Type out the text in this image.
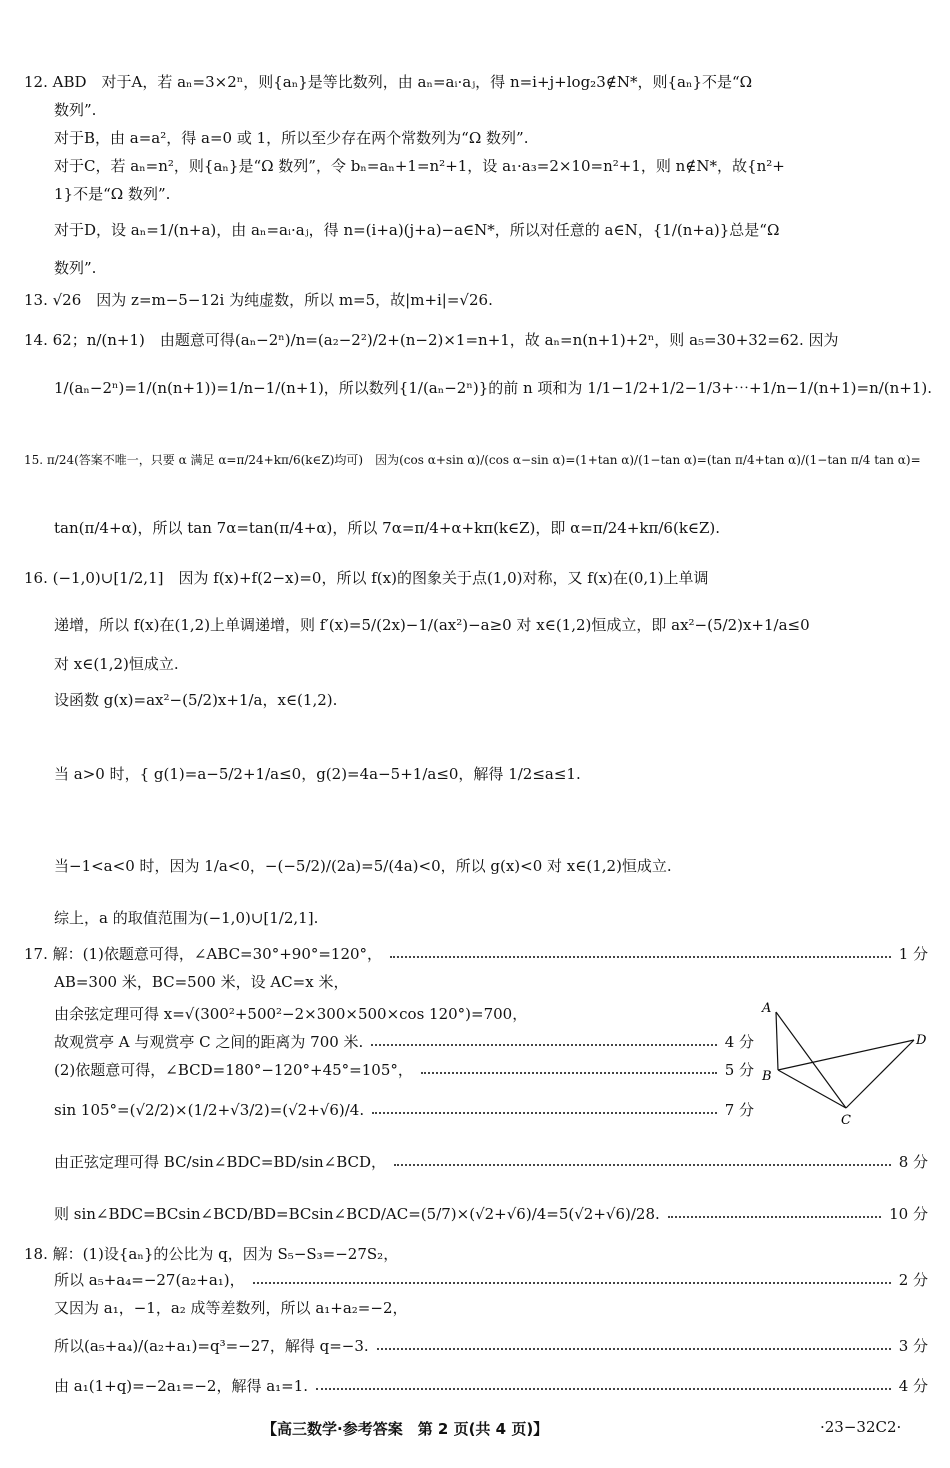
12. ABD　对于A，若 aₙ=3×2ⁿ，则{aₙ}是等比数列，由 aₙ=aᵢ·aⱼ，得 n=i+j+log₂3∉N*，则{aₙ}不是“Ω
数列”.
对于B，由 a=a²，得 a=0 或 1，所以至少存在两个常数列为“Ω 数列”.
对于C，若 aₙ=n²，则{aₙ}是“Ω 数列”，令 bₙ=aₙ+1=n²+1，设 a₁·a₃=2×10=n²+1，则 n∉N*，故{n²+
1}不是“Ω 数列”.
对于D，设 aₙ=1/(n+a)，由 aₙ=aᵢ·aⱼ，得 n=(i+a)(j+a)−a∈N*，所以对任意的 a∈N，{1/(n+a)}总是“Ω
数列”.
13. √26　因为 z=m−5−12i 为纯虚数，所以 m=5，故|m+i|=√26.
14. 62；n/(n+1)　由题意可得(aₙ−2ⁿ)/n=(a₂−2²)/2+(n−2)×1=n+1，故 aₙ=n(n+1)+2ⁿ，则 a₅=30+32=62. 因为
1/(aₙ−2ⁿ)=1/(n(n+1))=1/n−1/(n+1)，所以数列{1/(aₙ−2ⁿ)}的前 n 项和为 1/1−1/2+1/2−1/3+⋯+1/n−1/(n+1)=n/(n+1).
15. π/24(答案不唯一，只要 α 满足 α=π/24+kπ/6(k∈Z)均可)　因为(cos α+sin α)/(cos α−sin α)=(1+tan α)/(1−tan α)=(tan π/4+tan α)/(1−tan π/4 tan α)=
tan(π/4+α)，所以 tan 7α=tan(π/4+α)，所以 7α=π/4+α+kπ(k∈Z)，即 α=π/24+kπ/6(k∈Z).
16. (−1,0)∪[1/2,1]　因为 f(x)+f(2−x)=0，所以 f(x)的图象关于点(1,0)对称，又 f(x)在(0,1)上单调
递增，所以 f(x)在(1,2)上单调递增，则 f′(x)=5/(2x)−1/(ax²)−a≥0 对 x∈(1,2)恒成立，即 ax²−(5/2)x+1/a≤0
对 x∈(1,2)恒成立.
设函数 g(x)=ax²−(5/2)x+1/a，x∈(1,2).
当 a>0 时，{ g(1)=a−5/2+1/a≤0，g(2)=4a−5+1/a≤0，解得 1/2≤a≤1.
当−1<a<0 时，因为 1/a<0，−(−5/2)/(2a)=5/(4a)<0，所以 g(x)<0 对 x∈(1,2)恒成立.
综上，a 的取值范围为(−1,0)∪[1/2,1].
17. 解：(1)依题意可得，∠ABC=30°+90°=120°，	1 分
AB=300 米，BC=500 米，设 AC=x 米，
由余弦定理可得 x=√(300²+500²−2×300×500×cos 120°)=700，
故观赏亭 A 与观赏亭 C 之间的距离为 700 米.	4 分
(2)依题意可得，∠BCD=180°−120°+45°=105°，	5 分
sin 105°=(√2/2)×(1/2+√3/2)=(√2+√6)/4.	7 分
由正弦定理可得 BC/sin∠BDC=BD/sin∠BCD，	8 分
则 sin∠BDC=BCsin∠BCD/BD=BCsin∠BCD/AC=(5/7)×(√2+√6)/4=5(√2+√6)/28.	10 分
A
B
C
D
18. 解：(1)设{aₙ}的公比为 q，因为 S₅−S₃=−27S₂，
所以 a₅+a₄=−27(a₂+a₁)，	2 分
又因为 a₁，−1，a₂ 成等差数列，所以 a₁+a₂=−2，
所以(a₅+a₄)/(a₂+a₁)=q³=−27，解得 q=−3.	3 分
由 a₁(1+q)=−2a₁=−2，解得 a₁=1.	4 分
【高三数学·参考答案　第 2 页(共 4 页)】	·23−32C2·
